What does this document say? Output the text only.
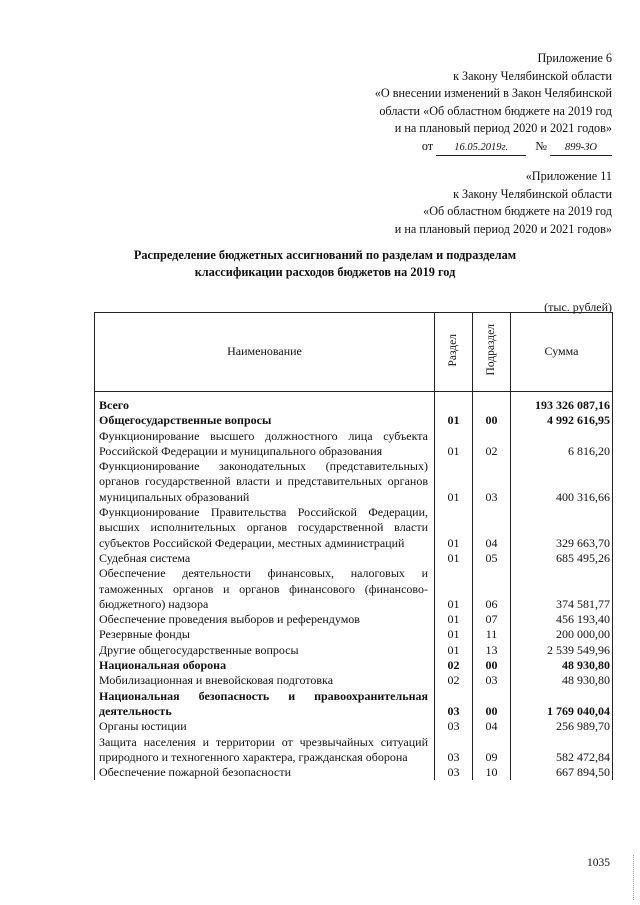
Приложение 6
к Закону Челябинской области
«О внесении изменений в Закон Челябинской
области «Об областном бюджете на 2019 год
и на плановый период 2020 и 2021 годов»
от 16.05.2019г. № 899-ЗО
«Приложение 11
к Закону Челябинской области
«Об областном бюджете на 2019 год
и на плановый период 2020 и 2021 годов»
Распределение бюджетных ассигнований по разделам и подразделам
классификации расходов бюджетов на 2019 год
(тыс. рублей)
Наименование	Раздел	Подраздел	Сумма
Всего			193 326 087,16
Общегосударственные вопросы	01	00	4 992 616,95
Функционирование высшего должностного лица субъекта Российской Федерации и муниципального образования	01	02	6 816,20
Функционирование законодательных (представительных) органов государственной власти и представительных органов муниципальных образований	01	03	400 316,66
Функционирование Правительства Российской Федерации, высших исполнительных органов государственной власти субъектов Российской Федерации, местных администраций	01	04	329 663,70
Судебная система	01	05	685 495,26
Обеспечение деятельности финансовых, налоговых и таможенных органов и органов финансового (финансово-бюджетного) надзора	01	06	374 581,77
Обеспечение проведения выборов и референдумов	01	07	456 193,40
Резервные фонды	01	11	200 000,00
Другие общегосударственные вопросы	01	13	2 539 549,96
Национальная оборона	02	00	48 930,80
Мобилизационная и вневойсковая подготовка	02	03	48 930,80
Национальная безопасность и правоохранительная деятельность	03	00	1 769 040,04
Органы юстиции	03	04	256 989,70
Защита населения и территории от чрезвычайных ситуаций природного и техногенного характера, гражданская оборона	03	09	582 472,84
Обеспечение пожарной безопасности	03	10	667 894,50
1035
